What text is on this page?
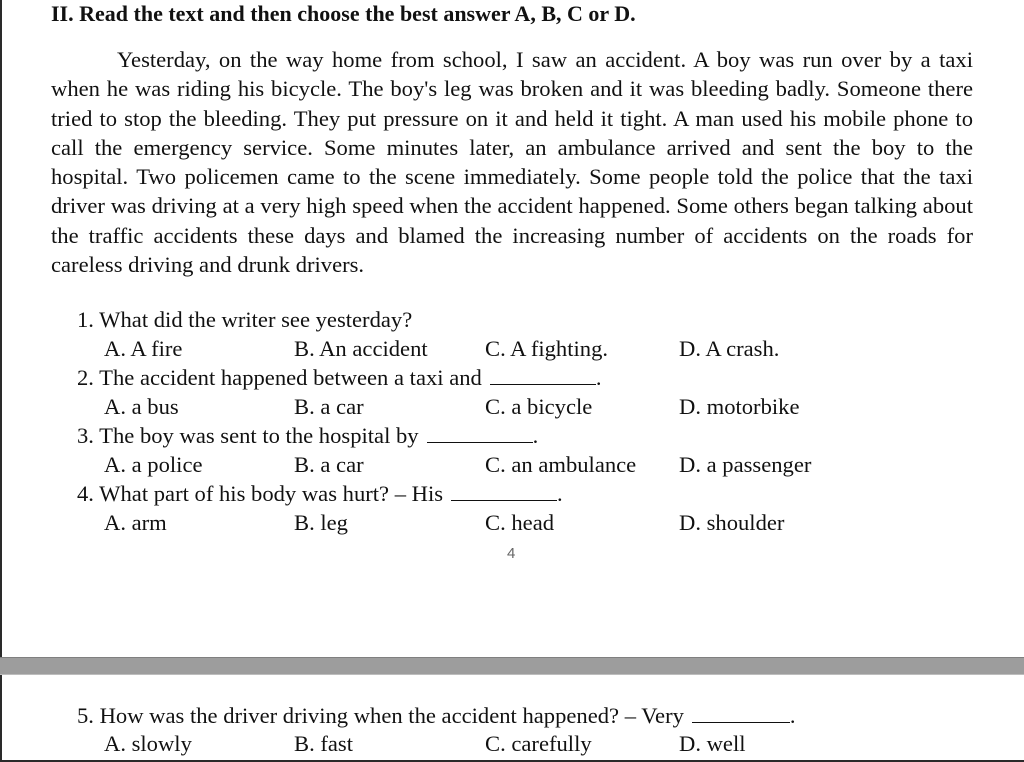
II. Read the text and then choose the best answer A, B, C or D.

Yesterday, on the way home from school, I saw an accident. A boy was run over by a taxi when he was riding his bicycle. The boy's leg was broken and it was bleeding badly. Someone there tried to stop the bleeding. They put pressure on it and held it tight. A man used his mobile phone to call the emergency service. Some minutes later, an ambulance arrived and sent the boy to the hospital. Two policemen came to the scene immediately. Some people told the police that the taxi driver was driving at a very high speed when the accident happened. Some others began talking about the traffic accidents these days and blamed the increasing number of accidents on the roads for careless driving and drunk drivers.

1. What did the writer see yesterday?
A. A fire	B. An accident	C. A fighting.	D. A crash.
2. The accident happened between a taxi and	.
A. a bus	B. a car	C. a bicycle	D. motorbike
3. The boy was sent to the hospital by	.
A. a police	B. a car	C. an ambulance D. a passenger
4. What part of his body was hurt? – His	.
A. arm	B. leg	C. head	D. shoulder
4
5. How was the driver driving when the accident happened? – Very	.
A. slowly	B. fast	C. carefully	D. well
